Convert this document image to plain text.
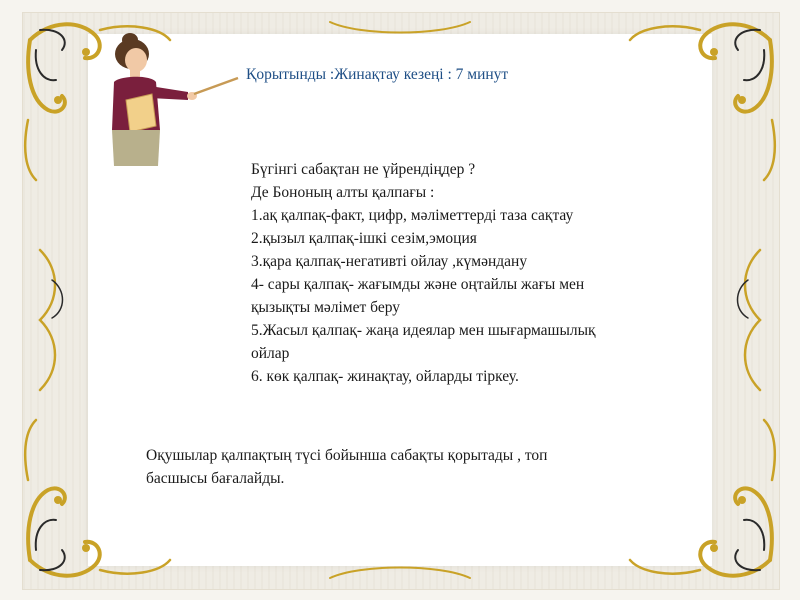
Қорытынды :Жинақтау кезеңі : 7 минут
Бүгінгі сабақтан не үйрендіңдер ?
Де Бононың алты қалпағы :
1.ақ қалпақ-факт, цифр, мәліметтерді таза сақтау
2.қызыл қалпақ-ішкі сезім,эмоция
3.қара қалпақ-негативті ойлау ,күмәндану
4- сары қалпақ- жағымды және оңтайлы жағы мен
қызықты мәлімет беру
5.Жасыл қалпақ- жаңа идеялар мен шығармашылық
ойлар
6. көк қалпақ- жинақтау, ойларды тіркеу.
Оқушылар қалпақтың түсі бойынша сабақты қорытады , топ
басшысы бағалайды.
